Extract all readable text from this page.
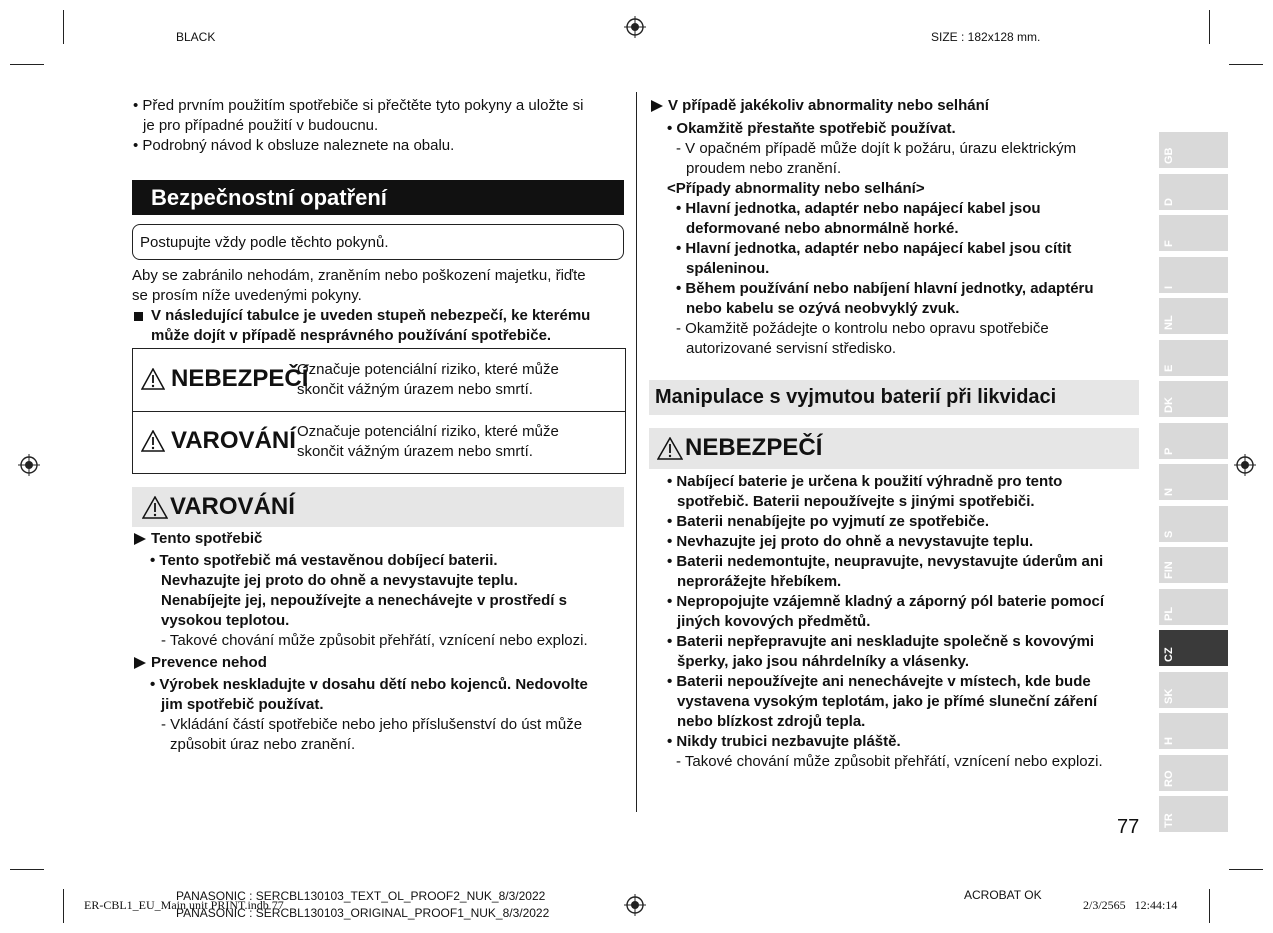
BLACK	SIZE : 182x128 mm.
• Před prvním použitím spotřebiče si přečtěte tyto pokyny a uložte si
je pro případné použití v budoucnu.
• Podrobný návod k obsluze naleznete na obalu.
Bezpečnostní opatření
Postupujte vždy podle těchto pokynů.
Aby se zabránilo nehodám, zraněním nebo poškození majetku, řiďte
se prosím níže uvedenými pokyny.
V následující tabulce je uveden stupeň nebezpečí, ke kterému
může dojít v případě nesprávného používání spotřebiče.
NEBEZPEČÍ
Označuje potenciální riziko, které může
skončit vážným úrazem nebo smrtí.
VAROVÁNÍ Označuje potenciální riziko, které může
skončit vážným úrazem nebo smrtí.
VAROVÁNÍ
Tento spotřebič
• Tento spotřebič má vestavěnou dobíjecí baterii.
Nevhazujte jej proto do ohně a nevystavujte teplu.
Nenabíjejte jej, nepoužívejte a nenechávejte v prostředí s
vysokou teplotou.
- Takové chování může způsobit přehřátí, vznícení nebo explozi.
Prevence nehod
• Výrobek neskladujte v dosahu dětí nebo kojenců. Nedovolte
jim spotřebič používat.
- Vkládání částí spotřebiče nebo jeho příslušenství do úst může
způsobit úraz nebo zranění.
V případě jakékoliv abnormality nebo selhání
• Okamžitě přestaňte spotřebič používat.
- V opačném případě může dojít k požáru, úrazu elektrickým
proudem nebo zranění.
<Případy abnormality nebo selhání>
• Hlavní jednotka, adaptér nebo napájecí kabel jsou
deformované nebo abnormálně horké.
• Hlavní jednotka, adaptér nebo napájecí kabel jsou cítit
spáleninou.
• Během používání nebo nabíjení hlavní jednotky, adaptéru
nebo kabelu se ozývá neobvyklý zvuk.
- Okamžitě požádejte o kontrolu nebo opravu spotřebiče
autorizované servisní středisko.
Manipulace s vyjmutou baterií při likvidaci
NEBEZPEČÍ
• Nabíjecí baterie je určena k použití výhradně pro tento
spotřebič. Baterii nepoužívejte s jinými spotřebiči.
• Baterii nenabíjejte po vyjmutí ze spotřebiče.
• Nevhazujte jej proto do ohně a nevystavujte teplu.
• Baterii nedemontujte, neupravujte, nevystavujte úderům ani
neprorážejte hřebíkem.
• Nepropojujte vzájemně kladný a záporný pól baterie pomocí
jiných kovových předmětů.
• Baterii nepřepravujte ani neskladujte společně s kovovými
šperky, jako jsou náhrdelníky a vlásenky.
• Baterii nepoužívejte ani nenechávejte v místech, kde bude
vystavena vysokým teplotám, jako je přímé sluneční záření
nebo blízkost zdrojů tepla.
• Nikdy trubici nezbavujte pláště.
- Takové chování může způsobit přehřátí, vznícení nebo explozi.
GB
D
F
I
NL
E
DK
P
N
S
FIN
PL
CZ
SK
H
RO
TR
77
ER-CBL1_EU_Main unit PRINT.indb 77
PANASONIC : SERCBL130103_TEXT_OL_PROOF2_NUK_8/3/2022
PANASONIC : SERCBL130103_ORIGINAL_PROOF1_NUK_8/3/2022
ACROBAT OK
2/3/2565   12:44:14
